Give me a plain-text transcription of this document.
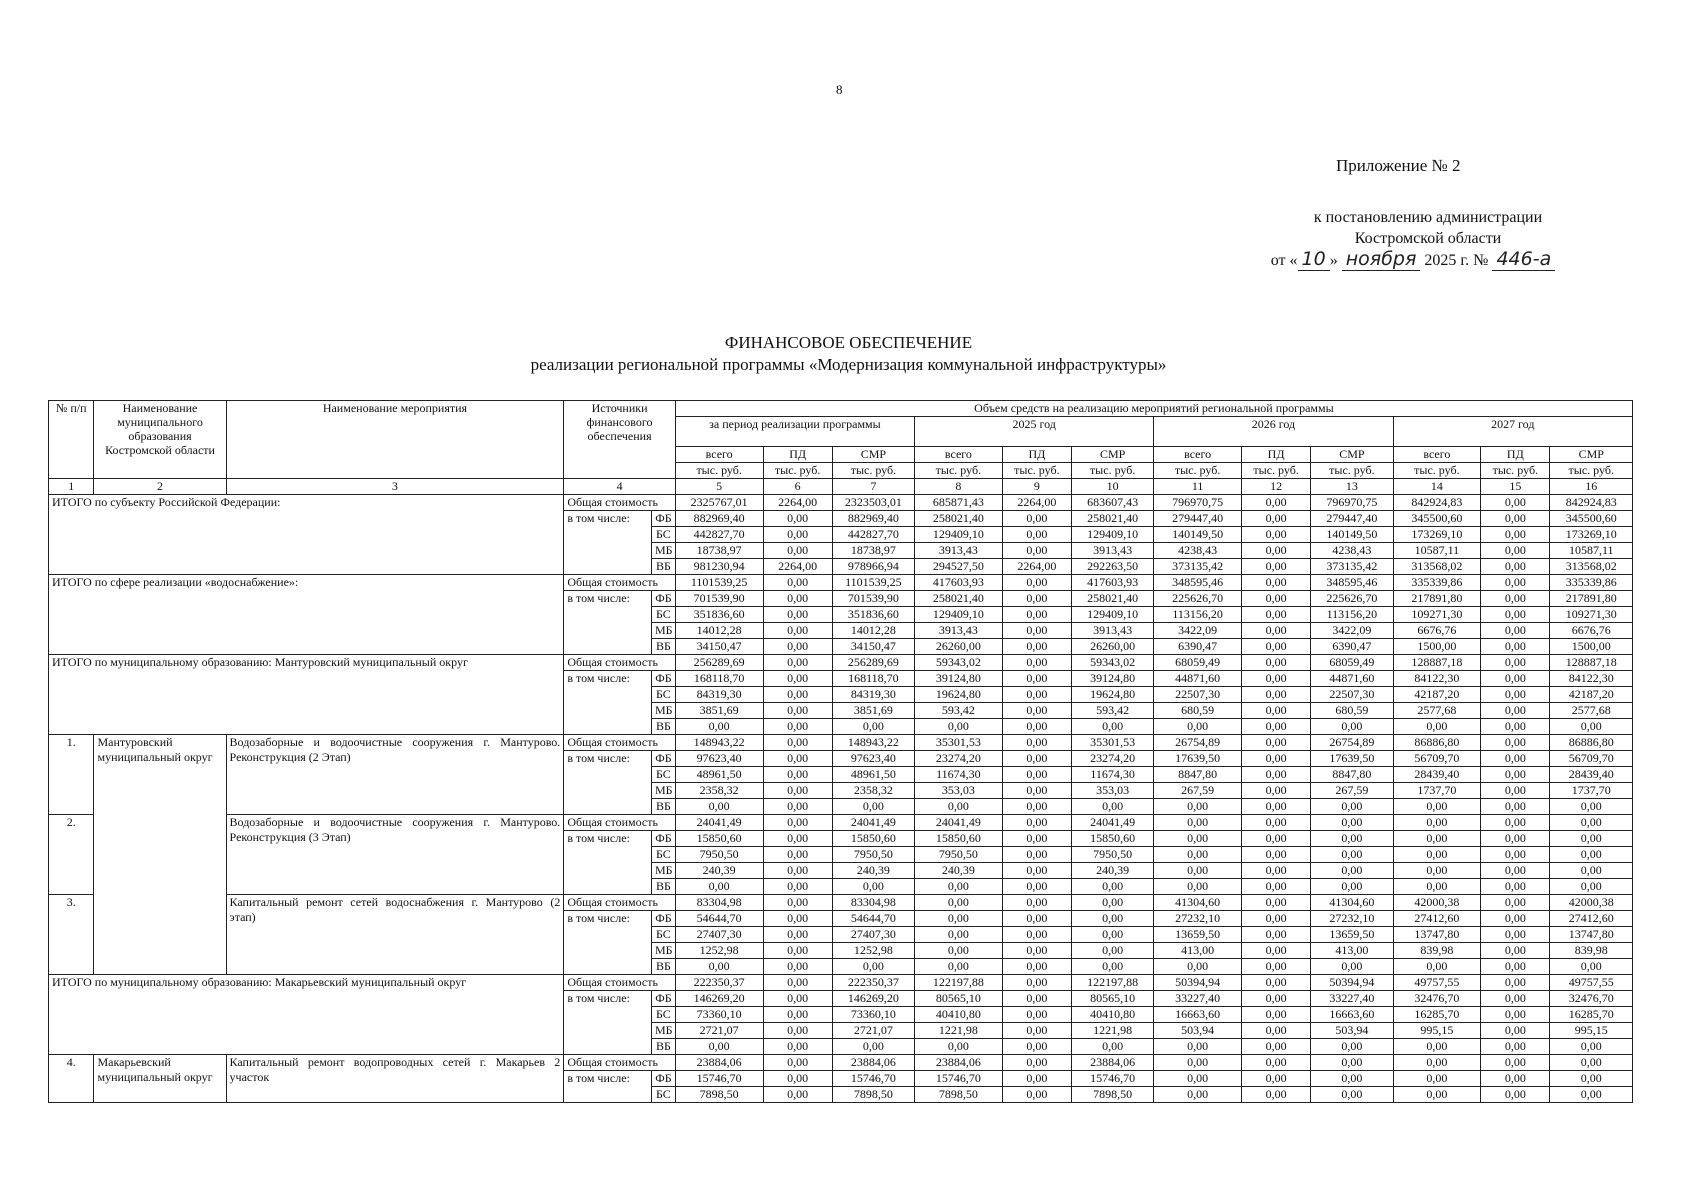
8
Приложение № 2
к постановлению администрации
Костромской области
от « 10 » ноября 2025 г. № 446-а
ФИНАНСОВОЕ ОБЕСПЕЧЕНИЕ
реализации региональной программы «Модернизация коммунальной инфраструктуры»
№ п/п	Наименование муниципального образования Костромской области	Наименование мероприятия	Источники финансового обеспечения		Объем средств на реализацию мероприятий региональной программы											
					за период реализации программы			2025 год			2026 год			2027 год		
					всего	ПД	СМР	всего	ПД	СМР	всего	ПД	СМР	всего	ПД	СМР
					тыс. руб.	тыс. руб.	тыс. руб.	тыс. руб.	тыс. руб.	тыс. руб.	тыс. руб.	тыс. руб.	тыс. руб.	тыс. руб.	тыс. руб.	тыс. руб.
1	2	3	4		5	6	7	8	9	10	11	12	13	14	15	16
ИТОГО по субъекту Российской Федерации:			Общая стоимость		2325767,01	2264,00	2323503,01	685871,43	2264,00	683607,43	796970,75	0,00	796970,75	842924,83	0,00	842924,83
			в том числе:	ФБ	882969,40	0,00	882969,40	258021,40	0,00	258021,40	279447,40	0,00	279447,40	345500,60	0,00	345500,60
				БС	442827,70	0,00	442827,70	129409,10	0,00	129409,10	140149,50	0,00	140149,50	173269,10	0,00	173269,10
				МБ	18738,97	0,00	18738,97	3913,43	0,00	3913,43	4238,43	0,00	4238,43	10587,11	0,00	10587,11
				ВБ	981230,94	2264,00	978966,94	294527,50	2264,00	292263,50	373135,42	0,00	373135,42	313568,02	0,00	313568,02
ИТОГО по сфере реализации «водоснабжение»:			Общая стоимость		1101539,25	0,00	1101539,25	417603,93	0,00	417603,93	348595,46	0,00	348595,46	335339,86	0,00	335339,86
			в том числе:	ФБ	701539,90	0,00	701539,90	258021,40	0,00	258021,40	225626,70	0,00	225626,70	217891,80	0,00	217891,80
				БС	351836,60	0,00	351836,60	129409,10	0,00	129409,10	113156,20	0,00	113156,20	109271,30	0,00	109271,30
				МБ	14012,28	0,00	14012,28	3913,43	0,00	3913,43	3422,09	0,00	3422,09	6676,76	0,00	6676,76
				ВБ	34150,47	0,00	34150,47	26260,00	0,00	26260,00	6390,47	0,00	6390,47	1500,00	0,00	1500,00
ИТОГО по муниципальному образованию: Мантуровский муниципальный округ			Общая стоимость		256289,69	0,00	256289,69	59343,02	0,00	59343,02	68059,49	0,00	68059,49	128887,18	0,00	128887,18
			в том числе:	ФБ	168118,70	0,00	168118,70	39124,80	0,00	39124,80	44871,60	0,00	44871,60	84122,30	0,00	84122,30
				БС	84319,30	0,00	84319,30	19624,80	0,00	19624,80	22507,30	0,00	22507,30	42187,20	0,00	42187,20
				МБ	3851,69	0,00	3851,69	593,42	0,00	593,42	680,59	0,00	680,59	2577,68	0,00	2577,68
				ВБ	0,00	0,00	0,00	0,00	0,00	0,00	0,00	0,00	0,00	0,00	0,00	0,00
1.	Мантуровский муниципальный округ	Водозаборные и водоочистные сооружения г. Мантурово. Реконструкция (2 Этап)	Общая стоимость		148943,22	0,00	148943,22	35301,53	0,00	35301,53	26754,89	0,00	26754,89	86886,80	0,00	86886,80
			в том числе:	ФБ	97623,40	0,00	97623,40	23274,20	0,00	23274,20	17639,50	0,00	17639,50	56709,70	0,00	56709,70
				БС	48961,50	0,00	48961,50	11674,30	0,00	11674,30	8847,80	0,00	8847,80	28439,40	0,00	28439,40
				МБ	2358,32	0,00	2358,32	353,03	0,00	353,03	267,59	0,00	267,59	1737,70	0,00	1737,70
				ВБ	0,00	0,00	0,00	0,00	0,00	0,00	0,00	0,00	0,00	0,00	0,00	0,00
2.		Водозаборные и водоочистные сооружения г. Мантурово. Реконструкция (3 Этап)	Общая стоимость		24041,49	0,00	24041,49	24041,49	0,00	24041,49	0,00	0,00	0,00	0,00	0,00	0,00
			в том числе:	ФБ	15850,60	0,00	15850,60	15850,60	0,00	15850,60	0,00	0,00	0,00	0,00	0,00	0,00
				БС	7950,50	0,00	7950,50	7950,50	0,00	7950,50	0,00	0,00	0,00	0,00	0,00	0,00
				МБ	240,39	0,00	240,39	240,39	0,00	240,39	0,00	0,00	0,00	0,00	0,00	0,00
				ВБ	0,00	0,00	0,00	0,00	0,00	0,00	0,00	0,00	0,00	0,00	0,00	0,00
3.		Капитальный ремонт сетей водоснабжения г. Мантурово (2 этап)	Общая стоимость		83304,98	0,00	83304,98	0,00	0,00	0,00	41304,60	0,00	41304,60	42000,38	0,00	42000,38
			в том числе:	ФБ	54644,70	0,00	54644,70	0,00	0,00	0,00	27232,10	0,00	27232,10	27412,60	0,00	27412,60
				БС	27407,30	0,00	27407,30	0,00	0,00	0,00	13659,50	0,00	13659,50	13747,80	0,00	13747,80
				МБ	1252,98	0,00	1252,98	0,00	0,00	0,00	413,00	0,00	413,00	839,98	0,00	839,98
				ВБ	0,00	0,00	0,00	0,00	0,00	0,00	0,00	0,00	0,00	0,00	0,00	0,00
ИТОГО по муниципальному образованию: Макарьевский муниципальный округ			Общая стоимость		222350,37	0,00	222350,37	122197,88	0,00	122197,88	50394,94	0,00	50394,94	49757,55	0,00	49757,55
			в том числе:	ФБ	146269,20	0,00	146269,20	80565,10	0,00	80565,10	33227,40	0,00	33227,40	32476,70	0,00	32476,70
				БС	73360,10	0,00	73360,10	40410,80	0,00	40410,80	16663,60	0,00	16663,60	16285,70	0,00	16285,70
				МБ	2721,07	0,00	2721,07	1221,98	0,00	1221,98	503,94	0,00	503,94	995,15	0,00	995,15
				ВБ	0,00	0,00	0,00	0,00	0,00	0,00	0,00	0,00	0,00	0,00	0,00	0,00
4.	Макарьевский муниципальный округ	Капитальный ремонт водопроводных сетей г. Макарьев 2 участок	Общая стоимость		23884,06	0,00	23884,06	23884,06	0,00	23884,06	0,00	0,00	0,00	0,00	0,00	0,00
			в том числе:	ФБ	15746,70	0,00	15746,70	15746,70	0,00	15746,70	0,00	0,00	0,00	0,00	0,00	0,00
				БС	7898,50	0,00	7898,50	7898,50	0,00	7898,50	0,00	0,00	0,00	0,00	0,00	0,00
